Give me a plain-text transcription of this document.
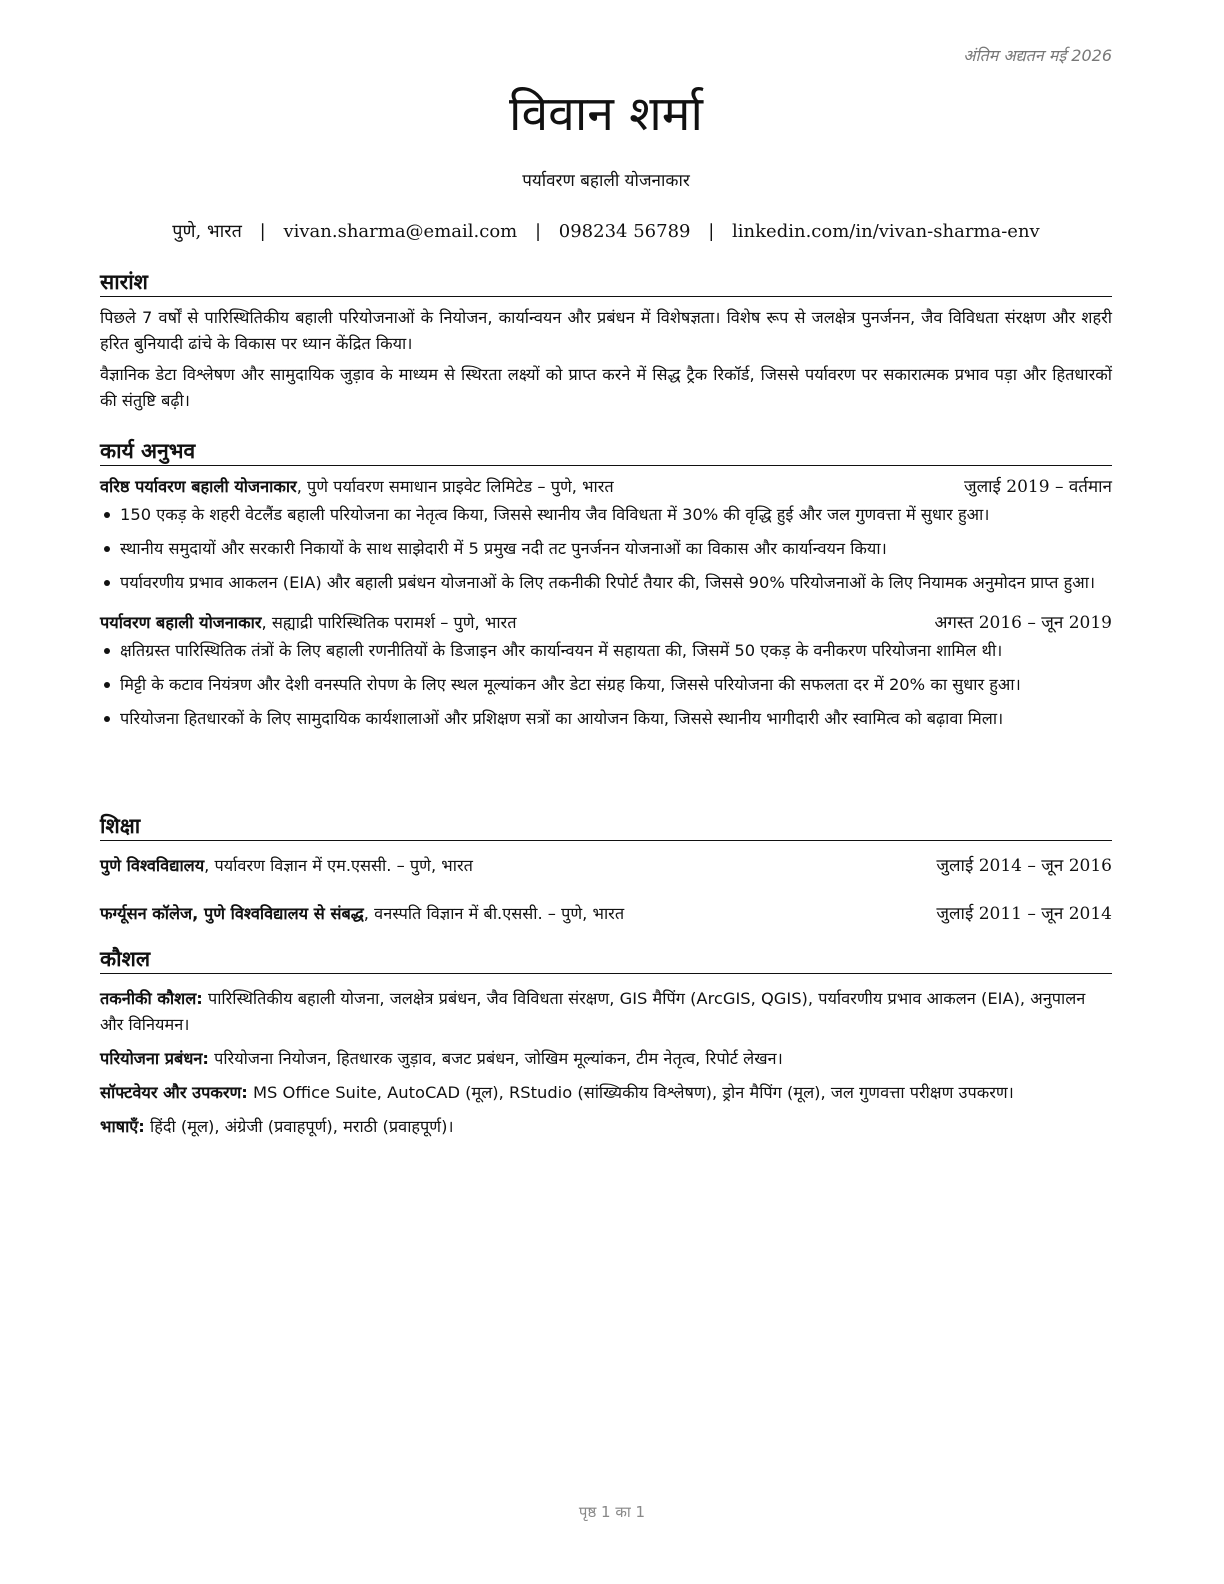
अंतिम अद्यतन मई 2026
विवान शर्मा
पर्यावरण बहाली योजनाकार
पुणे, भारत | vivan.sharma@email.com | 098234 56789 | linkedin.com/in/vivan-sharma-env
सारांश

पिछले 7 वर्षों से पारिस्थितिकीय बहाली परियोजनाओं के नियोजन, कार्यान्वयन और प्रबंधन में विशेषज्ञता। विशेष रूप से जलक्षेत्र पुनर्जनन, जैव विविधता संरक्षण और शहरी हरित बुनियादी ढांचे के विकास पर ध्यान केंद्रित किया।

वैज्ञानिक डेटा विश्लेषण और सामुदायिक जुड़ाव के माध्यम से स्थिरता लक्ष्यों को प्राप्त करने में सिद्ध ट्रैक रिकॉर्ड, जिससे पर्यावरण पर सकारात्मक प्रभाव पड़ा और हितधारकों की संतुष्टि बढ़ी।

कार्य अनुभव
वरिष्ठ पर्यावरण बहाली योजनाकार, पुणे पर्यावरण समाधान प्राइवेट लिमिटेड – पुणे, भारत	जुलाई 2019 – वर्तमान
150 एकड़ के शहरी वेटलैंड बहाली परियोजना का नेतृत्व किया, जिससे स्थानीय जैव विविधता में 30% की वृद्धि हुई और जल गुणवत्ता में सुधार हुआ।
स्थानीय समुदायों और सरकारी निकायों के साथ साझेदारी में 5 प्रमुख नदी तट पुनर्जनन योजनाओं का विकास और कार्यान्वयन किया।
पर्यावरणीय प्रभाव आकलन (EIA) और बहाली प्रबंधन योजनाओं के लिए तकनीकी रिपोर्ट तैयार की, जिससे 90% परियोजनाओं के लिए नियामक अनुमोदन प्राप्त हुआ।
पर्यावरण बहाली योजनाकार, सह्याद्री पारिस्थितिक परामर्श – पुणे, भारत	अगस्त 2016 – जून 2019
क्षतिग्रस्त पारिस्थितिक तंत्रों के लिए बहाली रणनीतियों के डिजाइन और कार्यान्वयन में सहायता की, जिसमें 50 एकड़ के वनीकरण परियोजना शामिल थी।
मिट्टी के कटाव नियंत्रण और देशी वनस्पति रोपण के लिए स्थल मूल्यांकन और डेटा संग्रह किया, जिससे परियोजना की सफलता दर में 20% का सुधार हुआ।
परियोजना हितधारकों के लिए सामुदायिक कार्यशालाओं और प्रशिक्षण सत्रों का आयोजन किया, जिससे स्थानीय भागीदारी और स्वामित्व को बढ़ावा मिला।
शिक्षा
पुणे विश्वविद्यालय, पर्यावरण विज्ञान में एम.एससी. – पुणे, भारत	जुलाई 2014 – जून 2016
फर्ग्यूसन कॉलेज, पुणे विश्वविद्यालय से संबद्ध, वनस्पति विज्ञान में बी.एससी. – पुणे, भारत	जुलाई 2011 – जून 2014
कौशल

तकनीकी कौशल: पारिस्थितिकीय बहाली योजना, जलक्षेत्र प्रबंधन, जैव विविधता संरक्षण, GIS मैपिंग (ArcGIS, QGIS), पर्यावरणीय प्रभाव आकलन (EIA), अनुपालन और विनियमन।

परियोजना प्रबंधन: परियोजना नियोजन, हितधारक जुड़ाव, बजट प्रबंधन, जोखिम मूल्यांकन, टीम नेतृत्व, रिपोर्ट लेखन।

सॉफ्टवेयर और उपकरण: MS Office Suite, AutoCAD (मूल), RStudio (सांख्यिकीय विश्लेषण), ड्रोन मैपिंग (मूल), जल गुणवत्ता परीक्षण उपकरण।

भाषाएँ: हिंदी (मूल), अंग्रेजी (प्रवाहपूर्ण), मराठी (प्रवाहपूर्ण)।

पृष्ठ 1 का 1
